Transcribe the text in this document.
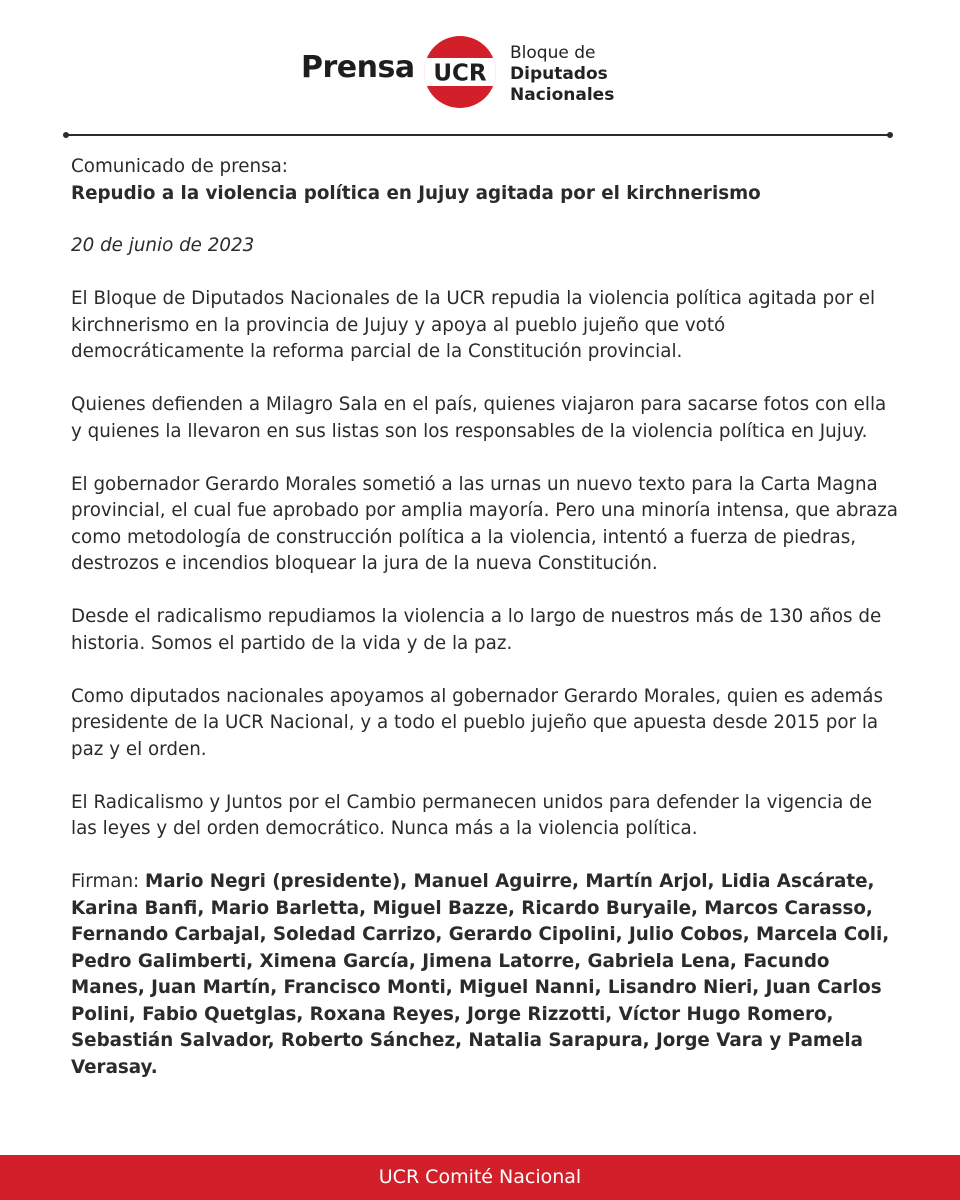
Prensa UCR
Bloque de
Diputados
Nacionales

Comunicado de prensa:
Repudio a la violencia política en Jujuy agitada por el kirchnerismo

20 de junio de 2023

El Bloque de Diputados Nacionales de la UCR repudia la violencia política agitada por el kirchnerismo en la provincia de Jujuy y apoya al pueblo jujeño que votó democráticamente la reforma parcial de la Constitución provincial.

Quienes defienden a Milagro Sala en el país, quienes viajaron para sacarse fotos con ella y quienes la llevaron en sus listas son los responsables de la violencia política en Jujuy.

El gobernador Gerardo Morales sometió a las urnas un nuevo texto para la Carta Magna provincial, el cual fue aprobado por amplia mayoría. Pero una minoría intensa, que abraza como metodología de construcción política a la violencia, intentó a fuerza de piedras, destrozos e incendios bloquear la jura de la nueva Constitución.

Desde el radicalismo repudiamos la violencia a lo largo de nuestros más de 130 años de historia. Somos el partido de la vida y de la paz.

Como diputados nacionales apoyamos al gobernador Gerardo Morales, quien es además presidente de la UCR Nacional, y a todo el pueblo jujeño que apuesta desde 2015 por la paz y el orden.

El Radicalismo y Juntos por el Cambio permanecen unidos para defender la vigencia de las leyes y del orden democrático. Nunca más a la violencia política.

Firman: Mario Negri (presidente), Manuel Aguirre, Martín Arjol, Lidia Ascárate, Karina Banfi, Mario Barletta, Miguel Bazze, Ricardo Buryaile, Marcos Carasso, Fernando Carbajal, Soledad Carrizo, Gerardo Cipolini, Julio Cobos, Marcela Coli, Pedro Galimberti, Ximena García, Jimena Latorre, Gabriela Lena, Facundo Manes, Juan Martín, Francisco Monti, Miguel Nanni, Lisandro Nieri, Juan Carlos Polini, Fabio Quetglas, Roxana Reyes, Jorge Rizzotti, Víctor Hugo Romero, Sebastián Salvador, Roberto Sánchez, Natalia Sarapura, Jorge Vara y Pamela Verasay.

UCR Comité Nacional
